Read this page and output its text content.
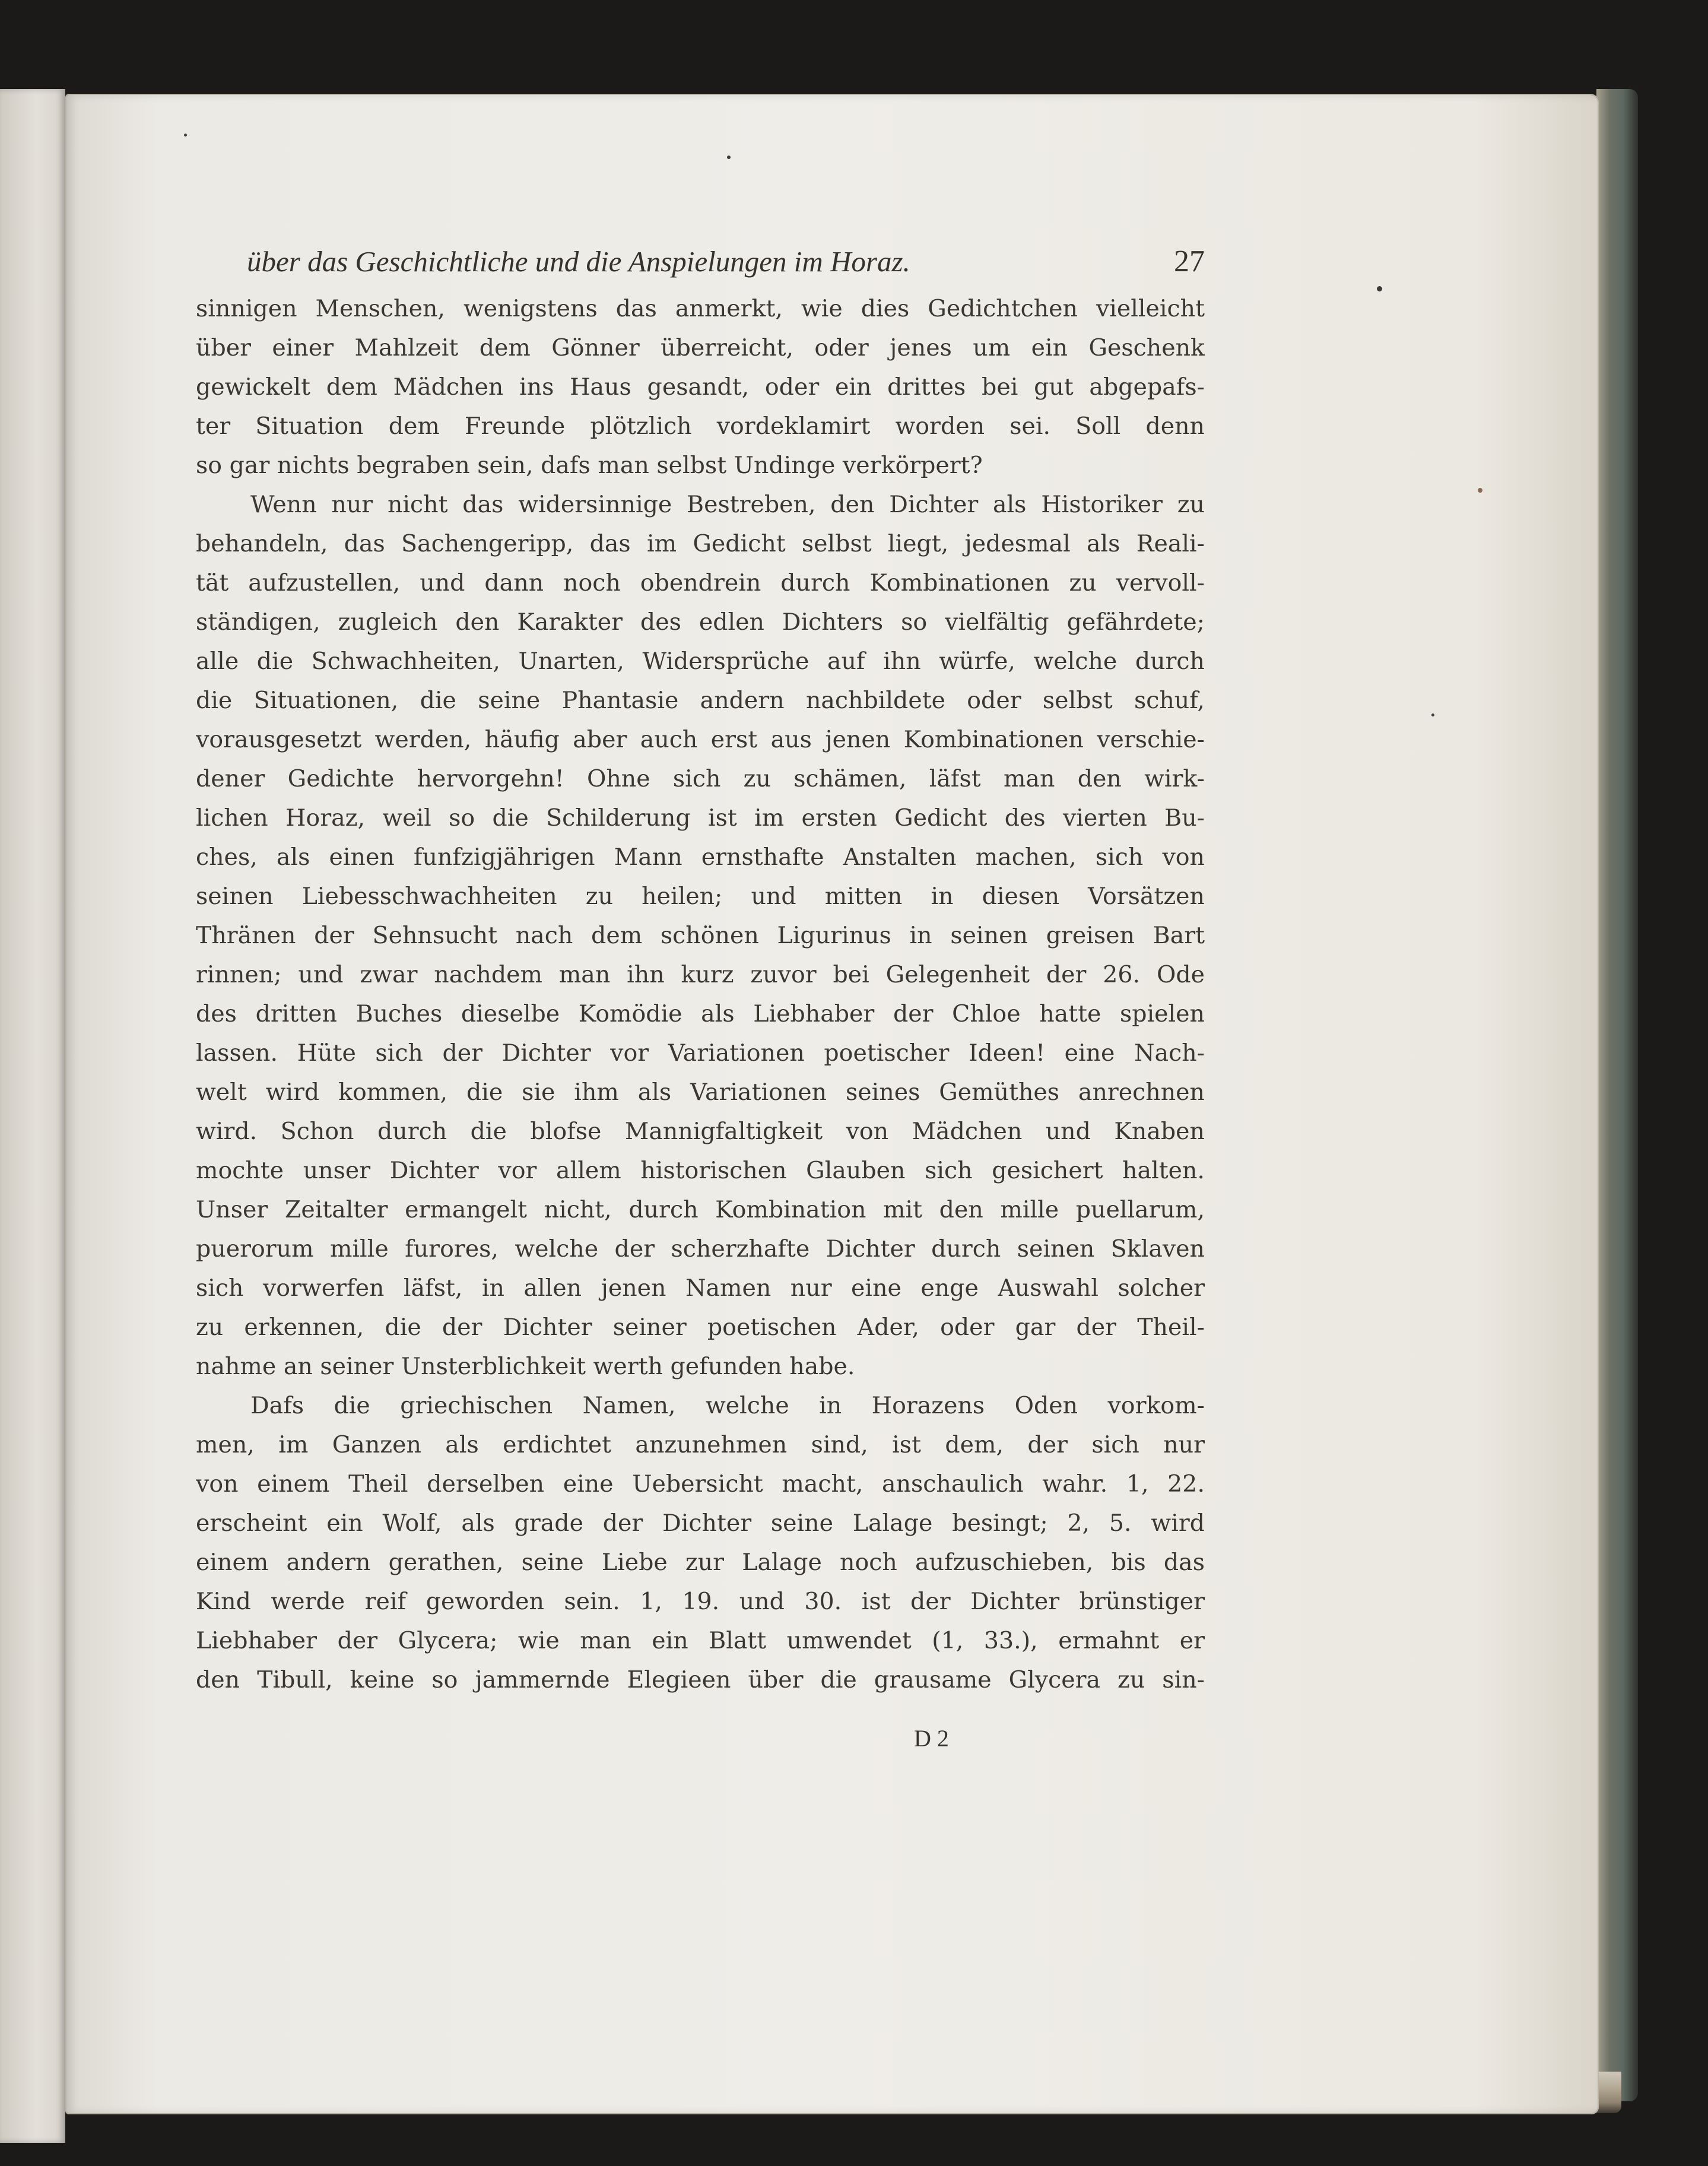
über das Geschichtliche und die Anspielungen im Horaz.	27
sinnigen Menschen, wenigstens das anmerkt, wie dies Gedichtchen vielleicht
über einer Mahlzeit dem Gönner überreicht, oder jenes um ein Geschenk
gewickelt dem Mädchen ins Haus gesandt, oder ein drittes bei gut abgepafs-
ter Situation dem Freunde plötzlich vordeklamirt worden sei. Soll denn
so gar nichts begraben sein, dafs man selbst Undinge verkörpert?
Wenn nur nicht das widersinnige Bestreben, den Dichter als Historiker zu
behandeln, das Sachengeripp, das im Gedicht selbst liegt, jedesmal als Reali-
tät aufzustellen, und dann noch obendrein durch Kombinationen zu vervoll-
ständigen, zugleich den Karakter des edlen Dichters so vielfältig gefährdete;
alle die Schwachheiten, Unarten, Widersprüche auf ihn würfe, welche durch
die Situationen, die seine Phantasie andern nachbildete oder selbst schuf,
vorausgesetzt werden, häufig aber auch erst aus jenen Kombinationen verschie-
dener Gedichte hervorgehn! Ohne sich zu schämen, läfst man den wirk-
lichen Horaz, weil so die Schilderung ist im ersten Gedicht des vierten Bu-
ches, als einen funfzigjährigen Mann ernsthafte Anstalten machen, sich von
seinen Liebesschwachheiten zu heilen; und mitten in diesen Vorsätzen
Thränen der Sehnsucht nach dem schönen Ligurinus in seinen greisen Bart
rinnen; und zwar nachdem man ihn kurz zuvor bei Gelegenheit der 26. Ode
des dritten Buches dieselbe Komödie als Liebhaber der Chloe hatte spielen
lassen. Hüte sich der Dichter vor Variationen poetischer Ideen! eine Nach-
welt wird kommen, die sie ihm als Variationen seines Gemüthes anrechnen
wird. Schon durch die blofse Mannigfaltigkeit von Mädchen und Knaben
mochte unser Dichter vor allem historischen Glauben sich gesichert halten.
Unser Zeitalter ermangelt nicht, durch Kombination mit den mille puellarum,
puerorum mille furores, welche der scherzhafte Dichter durch seinen Sklaven
sich vorwerfen läfst, in allen jenen Namen nur eine enge Auswahl solcher
zu erkennen, die der Dichter seiner poetischen Ader, oder gar der Theil-
nahme an seiner Unsterblichkeit werth gefunden habe.
Dafs die griechischen Namen, welche in Horazens Oden vorkom-
men, im Ganzen als erdichtet anzunehmen sind, ist dem, der sich nur
von einem Theil derselben eine Uebersicht macht, anschaulich wahr. 1, 22.
erscheint ein Wolf, als grade der Dichter seine Lalage besingt; 2, 5. wird
einem andern gerathen, seine Liebe zur Lalage noch aufzuschieben, bis das
Kind werde reif geworden sein. 1, 19. und 30. ist der Dichter brünstiger
Liebhaber der Glycera; wie man ein Blatt umwendet (1, 33.), ermahnt er
den Tibull, keine so jammernde Elegieen über die grausame Glycera zu sin-
D 2
